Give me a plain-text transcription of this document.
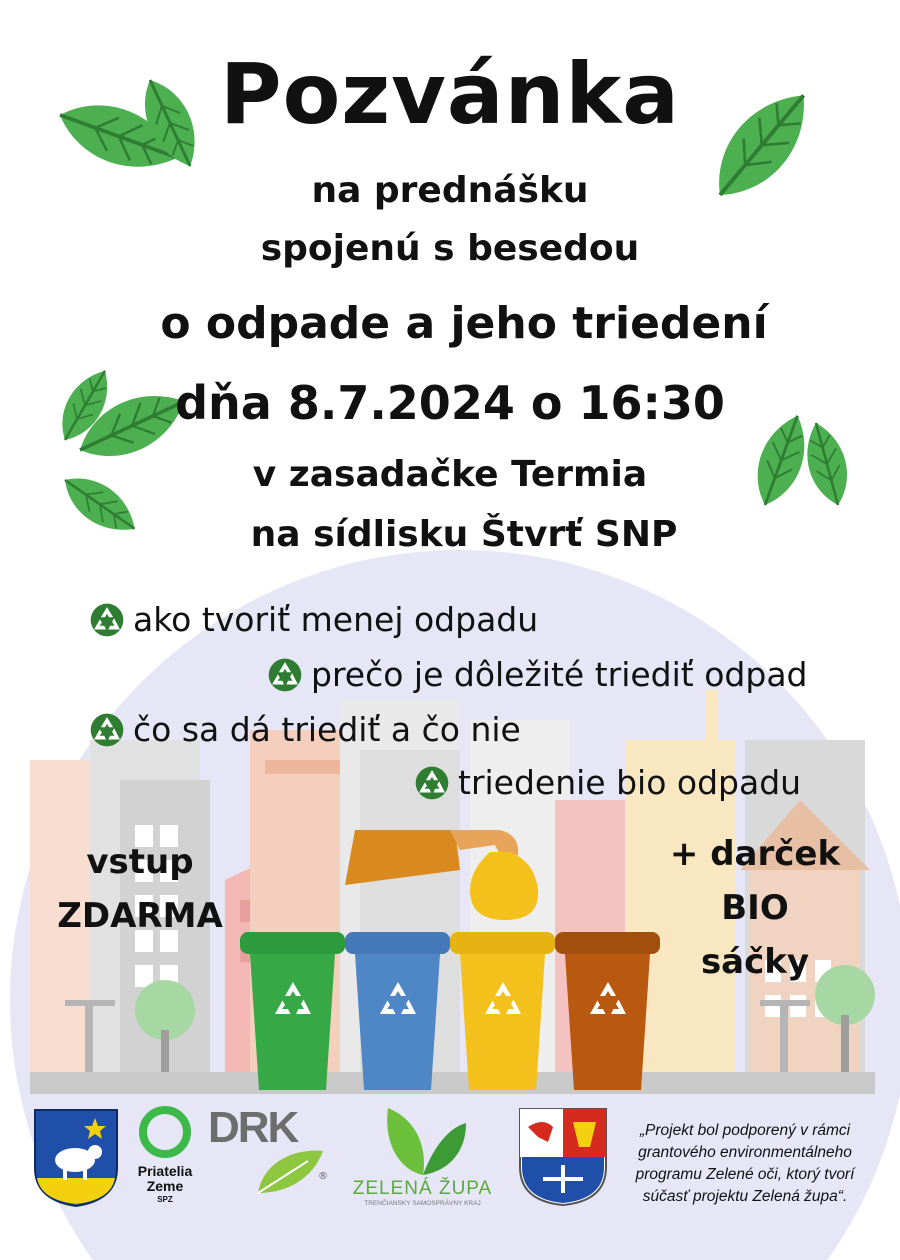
Pozvánka
na prednášku
spojenú s besedou
o odpade a jeho triedení
dňa 8.7.2024 o 16:30
v zasadačke Termia
na sídlisku Štvrť SNP
ako tvoriť menej odpadu
prečo je dôležité triediť odpad
čo sa dá triediť a čo nie
triedenie bio odpadu
vstup
ZDARMA
+ darček
BIO
sáčky
Priatelia
Zeme
SPZ
DRK
®
ZELENÁ ŽUPA
TRENČIANSKY SAMOSPRÁVNY KRAJ
„Projekt bol podporený v rámci grantového environmentálneho programu Zelené oči, ktorý tvorí súčasť projektu Zelená župa“.
